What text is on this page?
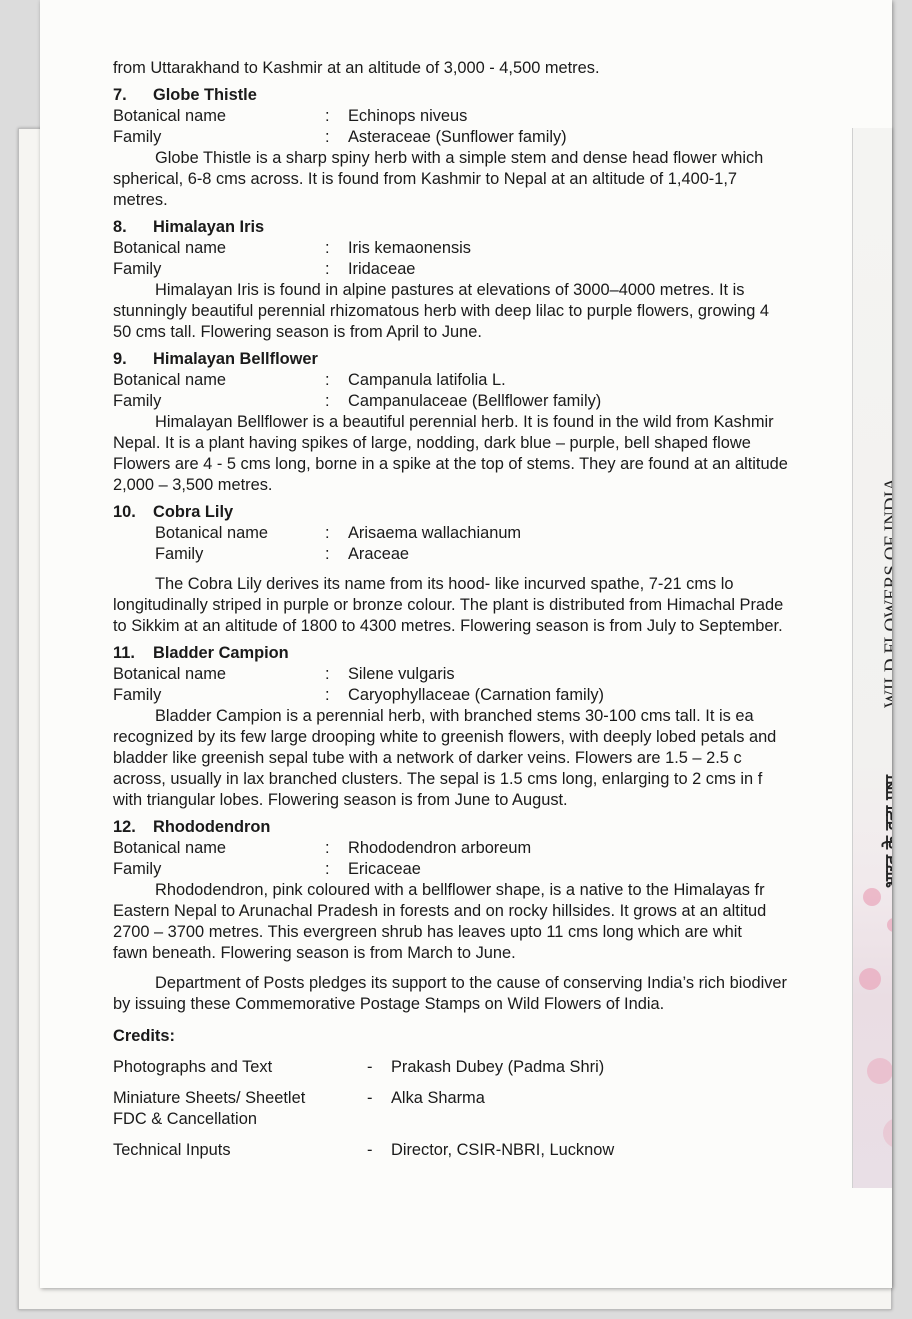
WILD FLOWERS OF INDIA
भारत के वन्य पुष्प

from Uttarakhand to Kashmir at an altitude of 3,000 - 4,500 metres.

7. Globe Thistle

Botanical name	:	Echinops niveus
Family	:	Asteraceae (Sunflower family)
Globe Thistle is a sharp spiny herb with a simple stem and dense head flower which
spherical, 6-8 cms across. It is found from Kashmir to Nepal at an altitude of 1,400-1,7
metres.

8. Himalayan Iris

Botanical name	:	Iris kemaonensis
Family	:	Iridaceae
Himalayan Iris is found in alpine pastures at elevations of 3000–4000 metres. It is
stunningly beautiful perennial rhizomatous herb with deep lilac to purple flowers, growing 4
50 cms tall. Flowering season is from April to June.

9. Himalayan Bellflower

Botanical name	:	Campanula latifolia L.
Family	:	Campanulaceae (Bellflower family)
Himalayan Bellflower is a beautiful perennial herb. It is found in the wild from Kashmir
Nepal. It is a plant having spikes of large, nodding, dark blue – purple, bell shaped flowe
Flowers are 4 - 5 cms long, borne in a spike at the top of stems. They are found at an altitude
2,000 – 3,500 metres.

10. Cobra Lily

Botanical name	:	Arisaema wallachianum
Family	:	Araceae
The Cobra Lily derives its name from its hood- like incurved spathe, 7-21 cms lo
longitudinally striped in purple or bronze colour. The plant is distributed from Himachal Prade
to Sikkim at an altitude of 1800 to 4300 metres. Flowering season is from July to September.

11. Bladder Campion

Botanical name	:	Silene vulgaris
Family	:	Caryophyllaceae (Carnation family)
Bladder Campion is a perennial herb, with branched stems 30-100 cms tall. It is ea
recognized by its few large drooping white to greenish flowers, with deeply lobed petals and
bladder like greenish sepal tube with a network of darker veins. Flowers are 1.5 – 2.5 c
across, usually in lax branched clusters. The sepal is 1.5 cms long, enlarging to 2 cms in f
with triangular lobes. Flowering season is from June to August.

12. Rhododendron

Botanical name	:	Rhododendron arboreum
Family	:	Ericaceae
Rhododendron, pink coloured with a bellflower shape, is a native to the Himalayas fr
Eastern Nepal to Arunachal Pradesh in forests and on rocky hillsides. It grows at an altitud
2700 – 3700 metres. This evergreen shrub has leaves upto 11 cms long which are whit
fawn beneath. Flowering season is from March to June.
Department of Posts pledges its support to the cause of conserving India’s rich biodiver
by issuing these Commemorative Postage Stamps on Wild Flowers of India.

Credits:

Photographs and Text	-	Prakash Dubey (Padma Shri)
Miniature Sheets/ Sheetlet
FDC & Cancellation
-	Alka Sharma
Technical Inputs	-	Director, CSIR-NBRI, Lucknow
